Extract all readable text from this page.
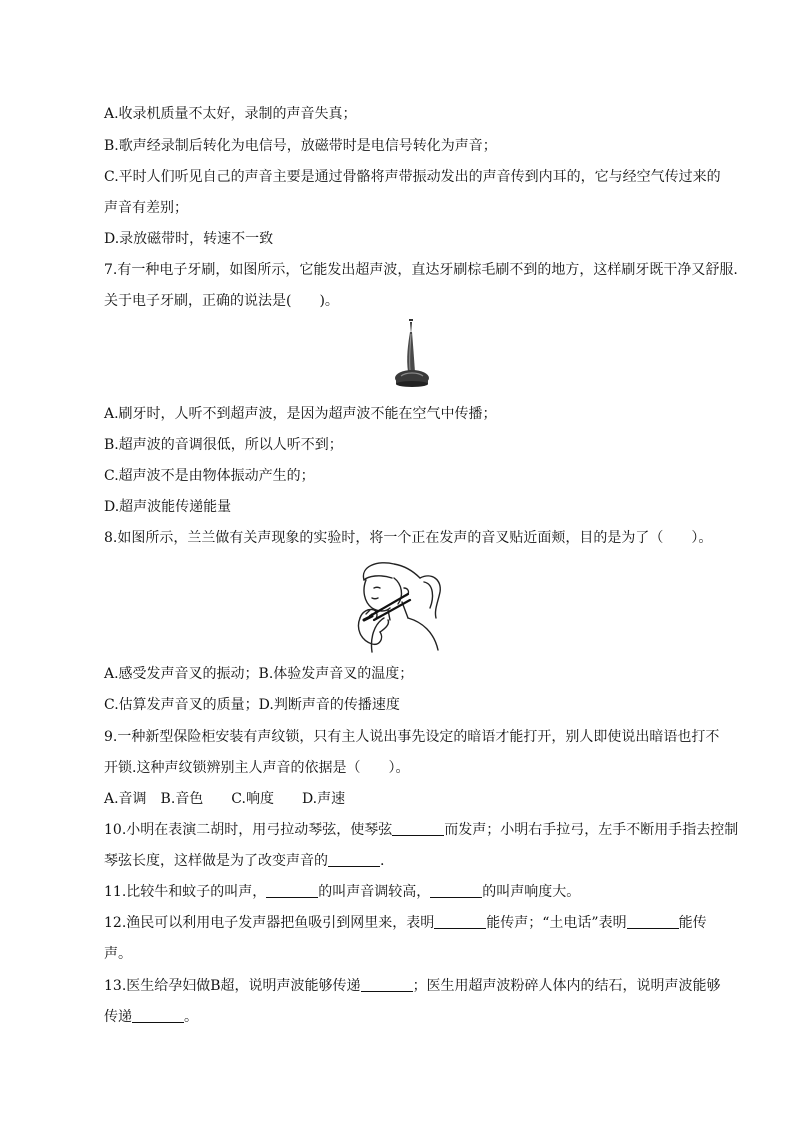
A.收录机质量不太好，录制的声音失真；
B.歌声经录制后转化为电信号，放磁带时是电信号转化为声音；
C.平时人们听见自己的声音主要是通过骨骼将声带振动发出的声音传到内耳的，它与经空气传过来的
声音有差别；
D.录放磁带时，转速不一致
7.有一种电子牙刷，如图所示，它能发出超声波，直达牙刷棕毛刷不到的地方，这样刷牙既干净又舒服.
关于电子牙刷，正确的说法是(　　)。
A.刷牙时，人听不到超声波，是因为超声波不能在空气中传播；
B.超声波的音调很低，所以人听不到；
C.超声波不是由物体振动产生的；
D.超声波能传递能量
8.如图所示，兰兰做有关声现象的实验时，将一个正在发声的音叉贴近面颊，目的是为了（　　）。
A.感受发声音叉的振动；B.体验发声音叉的温度；
C.估算发声音叉的质量；D.判断声音的传播速度
9.一种新型保险柜安装有声纹锁，只有主人说出事先设定的暗语才能打开，别人即使说出暗语也打不
开锁.这种声纹锁辨别主人声音的依据是（　　）。
A.音调　B.音色　　C.响度　　D.声速
10.小明在表演二胡时，用弓拉动琴弦，使琴弦	而发声；小明右手拉弓，左手不断用手指去控制
琴弦长度，这样做是为了改变声音的	.
11.比较牛和蚊子的叫声，	的叫声音调较高，	的叫声响度大。
12.渔民可以利用电子发声器把鱼吸引到网里来，表明	能传声；“土电话”表明	能传
声。
13.医生给孕妇做B超，说明声波能够传递	；医生用超声波粉碎人体内的结石，说明声波能够
传递	。
